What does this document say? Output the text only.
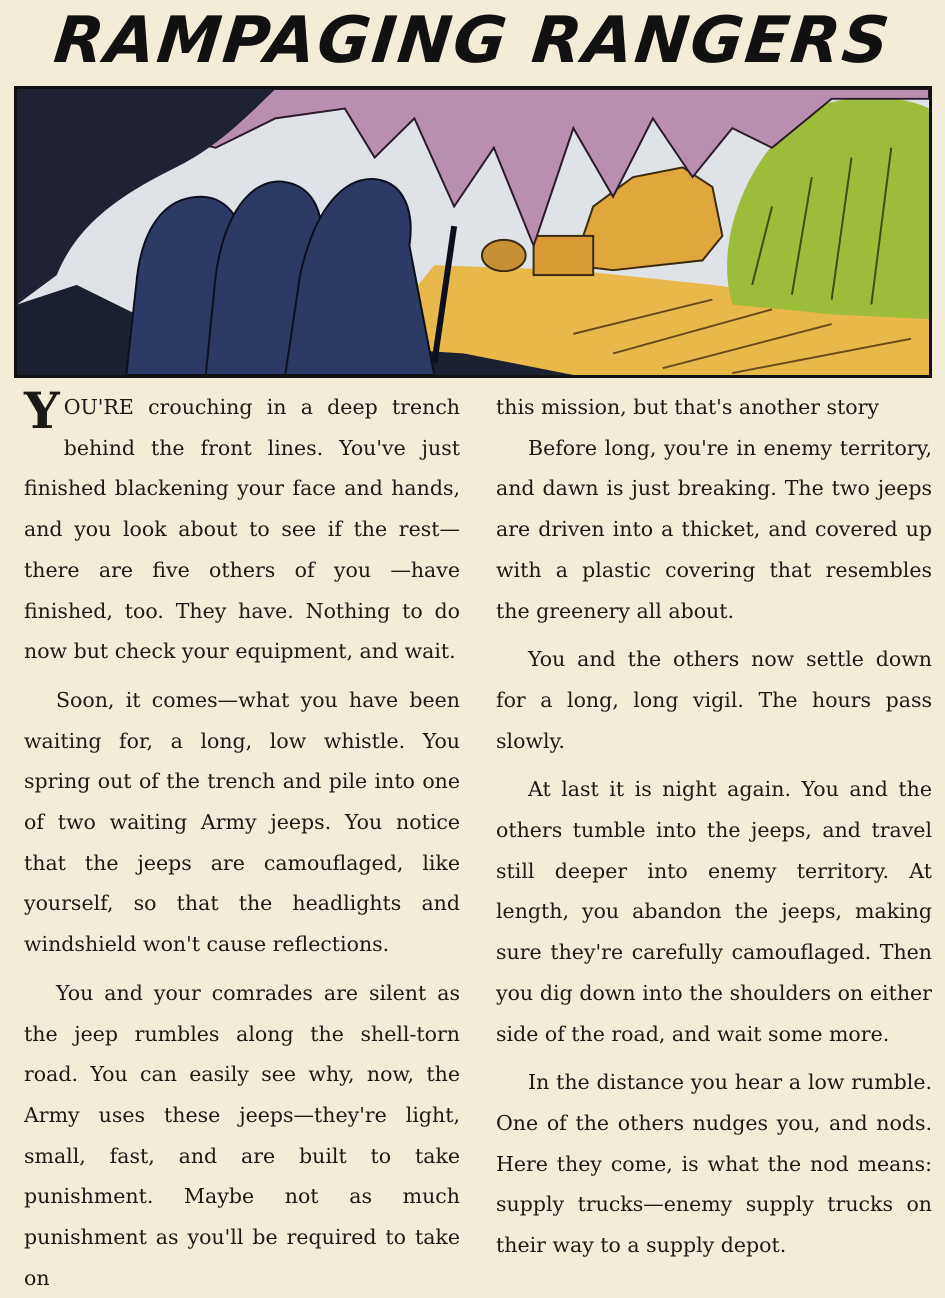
RAMPAGING RANGERS

YOU'RE crouching in a deep trench behind the front lines. You've just finished blackening your face and hands, and you look about to see if the rest—there are five others of you —have finished, too. They have. Nothing to do now but check your equipment, and wait.

Soon, it comes—what you have been waiting for, a long, low whistle. You spring out of the trench and pile into one of two waiting Army jeeps. You notice that the jeeps are camouflaged, like yourself, so that the headlights and windshield won't cause reflections.

You and your comrades are silent as the jeep rumbles along the shell-torn road. You can easily see why, now, the Army uses these jeeps—they're light, small, fast, and are built to take punishment. Maybe not as much punishment as you'll be required to take on

this mission, but that's another story

Before long, you're in enemy territory, and dawn is just breaking. The two jeeps are driven into a thicket, and covered up with a plastic covering that resembles the greenery all about.

You and the others now settle down for a long, long vigil. The hours pass slowly.

At last it is night again. You and the others tumble into the jeeps, and travel still deeper into enemy territory. At length, you abandon the jeeps, making sure they're carefully camouflaged. Then you dig down into the shoulders on either side of the road, and wait some more.

In the distance you hear a low rumble. One of the others nudges you, and nods. Here they come, is what the nod means: supply trucks—enemy supply trucks on their way to a supply depot.
